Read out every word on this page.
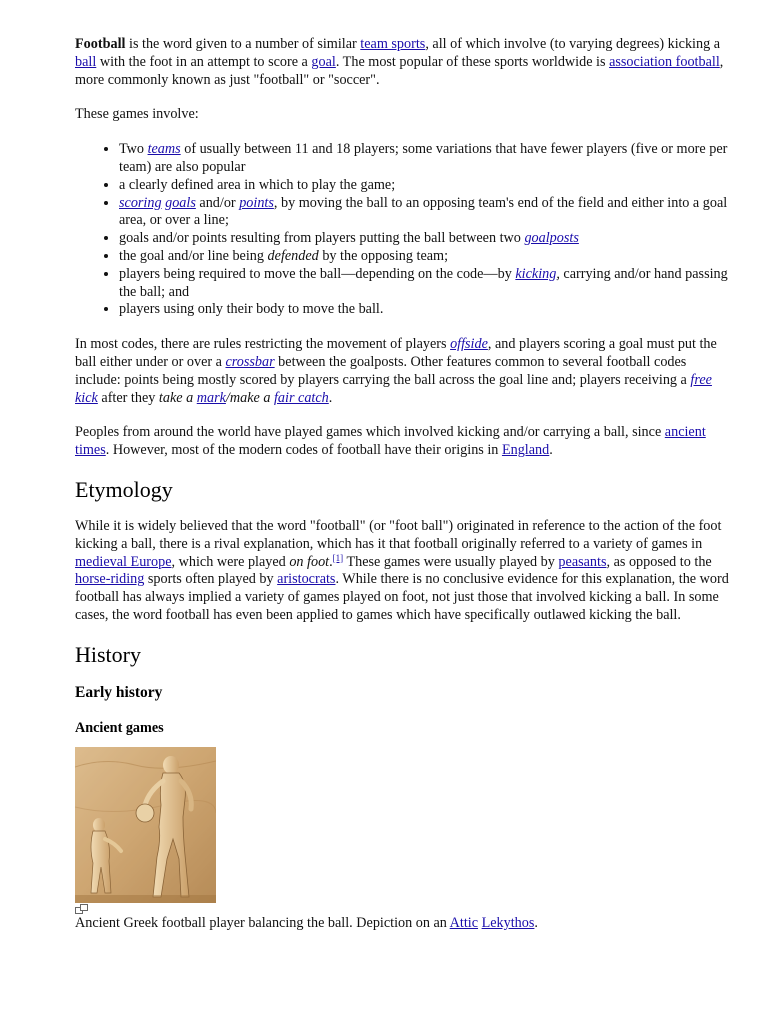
Football is the word given to a number of similar team sports, all of which involve (to varying degrees) kicking a ball with the foot in an attempt to score a goal. The most popular of these sports worldwide is association football, more commonly known as just "football" or "soccer".

These games involve:

• Two teams of usually between 11 and 18 players; some variations that have fewer players (five or more per team) are also popular
• a clearly defined area in which to play the game;
• scoring goals and/or points, by moving the ball to an opposing team's end of the field and either into a goal area, or over a line;
• goals and/or points resulting from players putting the ball between two goalposts
• the goal and/or line being defended by the opposing team;
• players being required to move the ball—depending on the code—by kicking, carrying and/or hand passing the ball; and
• players using only their body to move the ball.

In most codes, there are rules restricting the movement of players offside, and players scoring a goal must put the ball either under or over a crossbar between the goalposts. Other features common to several football codes include: points being mostly scored by players carrying the ball across the goal line and; players receiving a free kick after they take a mark/make a fair catch.

Peoples from around the world have played games which involved kicking and/or carrying a ball, since ancient times. However, most of the modern codes of football have their origins in England.

Etymology

While it is widely believed that the word "football" (or "foot ball") originated in reference to the action of the foot kicking a ball, there is a rival explanation, which has it that football originally referred to a variety of games in medieval Europe, which were played on foot.[1] These games were usually played by peasants, as opposed to the horse-riding sports often played by aristocrats. While there is no conclusive evidence for this explanation, the word football has always implied a variety of games played on foot, not just those that involved kicking a ball. In some cases, the word football has even been applied to games which have specifically outlawed kicking the ball.

History
Early history
Ancient games

Ancient Greek football player balancing the ball. Depiction on an Attic Lekythos.
